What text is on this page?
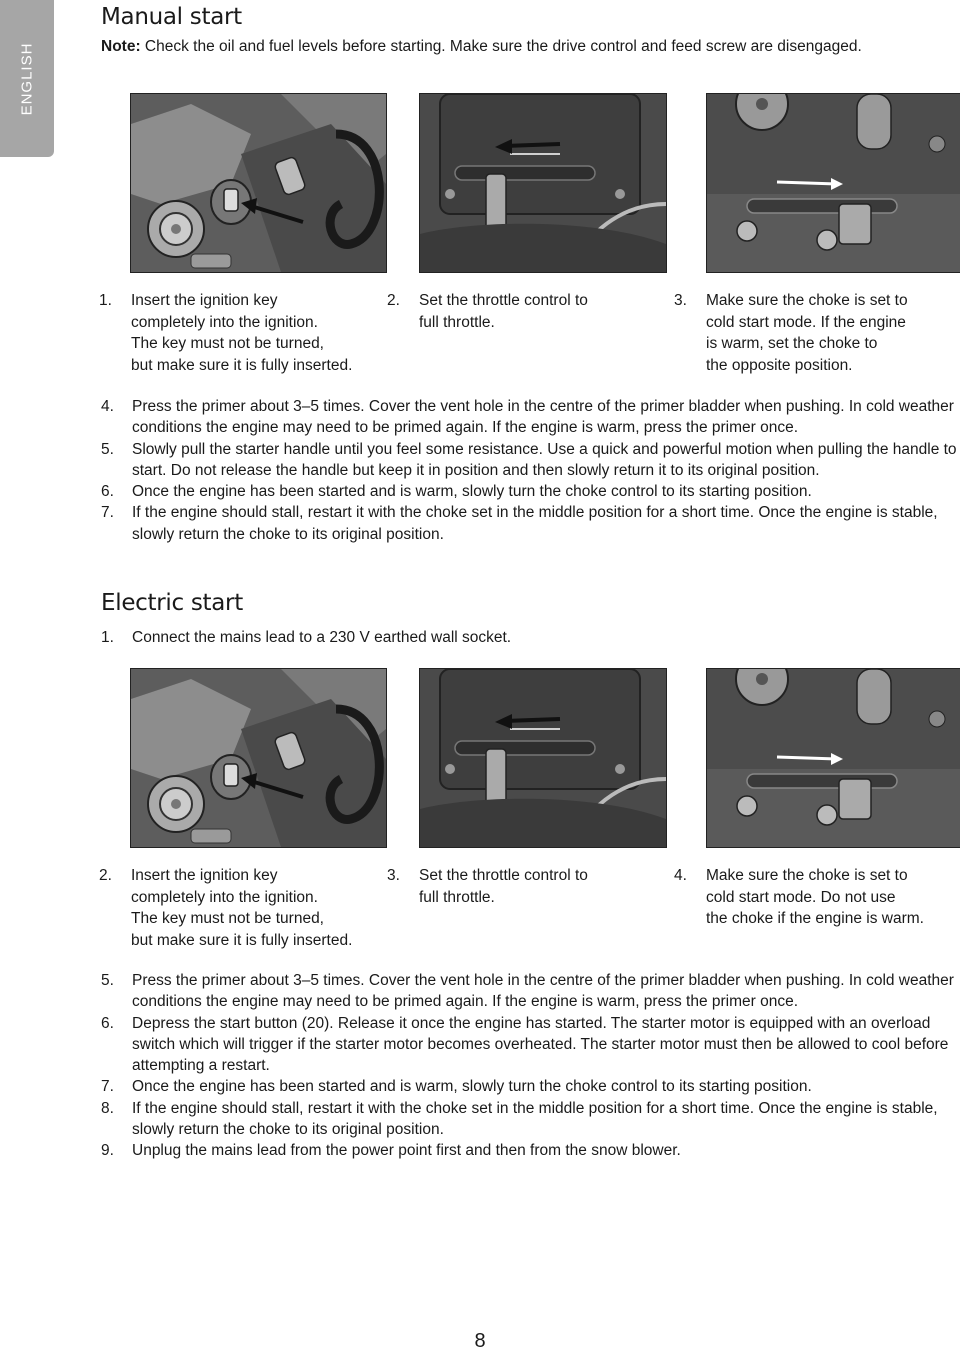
ENGLISH
Manual start
Note: Check the oil and fuel levels before starting. Make sure the drive control and feed screw are disengaged.
1. Insert the ignition key
completely into the ignition.
The key must not be turned,
but make sure it is fully inserted.
2. Set the throttle control to
full throttle.
3. Make sure the choke is set to
cold start mode. If the engine
is warm, set the choke to
the opposite position.
4. Press the primer about 3–5 times. Cover the vent hole in the centre of the primer bladder when pushing. In cold weather conditions the engine may need to be primed again. If the engine is warm, press the primer once.
5. Slowly pull the starter handle until you feel some resistance. Use a quick and powerful motion when pulling the handle to start. Do not release the handle but keep it in position and then slowly return it to its original position.
6. Once the engine has been started and is warm, slowly turn the choke control to its starting position.
7. If the engine should stall, restart it with the choke set in the middle position for a short time. Once the engine is stable, slowly return the choke to its original position.
Electric start
1. Connect the mains lead to a 230 V earthed wall socket.
2. Insert the ignition key
completely into the ignition.
The key must not be turned,
but make sure it is fully inserted.
3. Set the throttle control to
full throttle.
4. Make sure the choke is set to
cold start mode. Do not use
the choke if the engine is warm.
5. Press the primer about 3–5 times. Cover the vent hole in the centre of the primer bladder when pushing. In cold weather conditions the engine may need to be primed again. If the engine is warm, press the primer once.
6. Depress the start button (20). Release it once the engine has started. The starter motor is equipped with an overload switch which will trigger if the starter motor becomes overheated. The starter motor must then be allowed to cool before attempting a restart.
7. Once the engine has been started and is warm, slowly turn the choke control to its starting position.
8. If the engine should stall, restart it with the choke set in the middle position for a short time. Once the engine is stable, slowly return the choke to its original position.
9. Unplug the mains lead from the power point first and then from the snow blower.
8
